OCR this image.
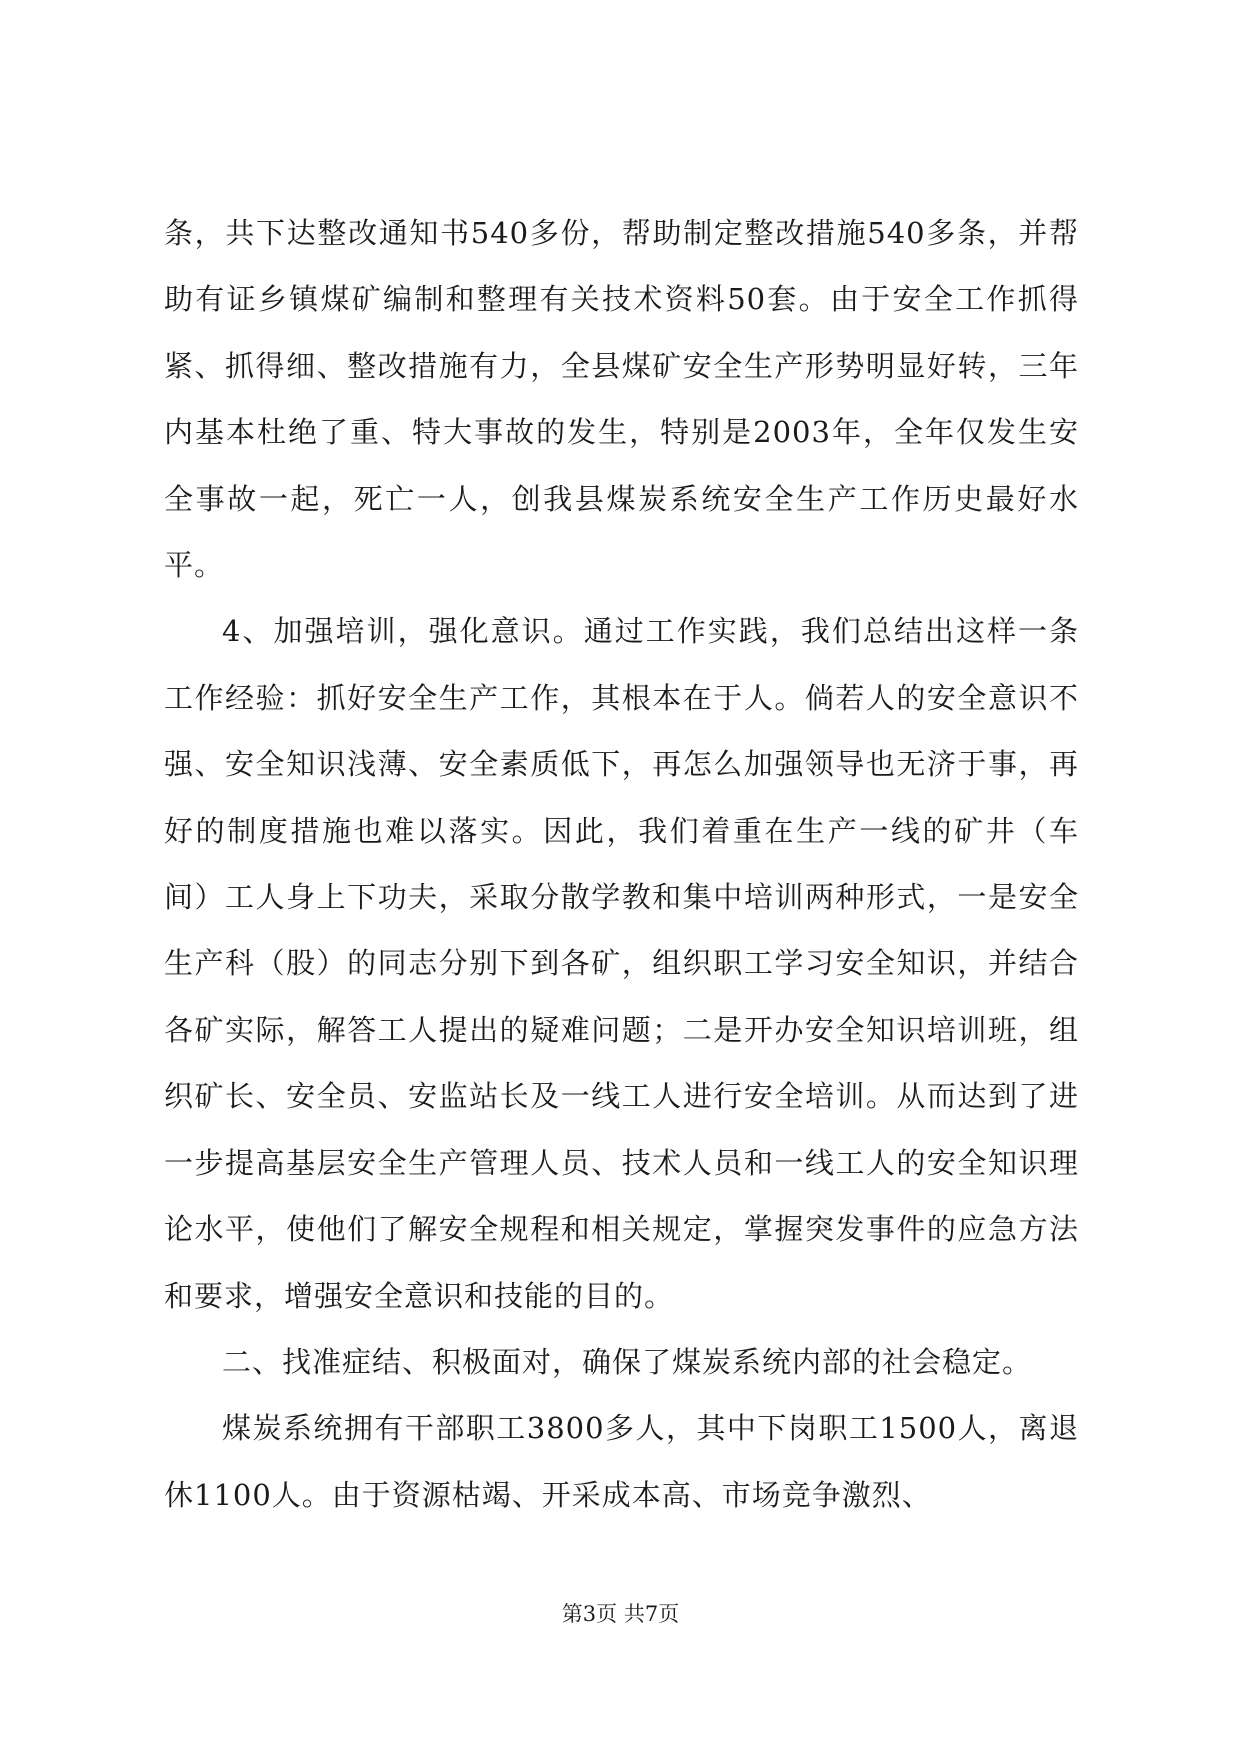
条，共下达整改通知书540多份，帮助制定整改措施540多条，并帮助有证乡镇煤矿编制和整理有关技术资料50套。由于安全工作抓得紧、抓得细、整改措施有力，全县煤矿安全生产形势明显好转，三年内基本杜绝了重、特大事故的发生，特别是2003年，全年仅发生安全事故一起，死亡一人，创我县煤炭系统安全生产工作历史最好水平。

4、加强培训，强化意识。通过工作实践，我们总结出这样一条工作经验：抓好安全生产工作，其根本在于人。倘若人的安全意识不强、安全知识浅薄、安全素质低下，再怎么加强领导也无济于事，再好的制度措施也难以落实。因此，我们着重在生产一线的矿井（车间）工人身上下功夫，采取分散学教和集中培训两种形式，一是安全生产科（股）的同志分别下到各矿，组织职工学习安全知识，并结合各矿实际，解答工人提出的疑难问题；二是开办安全知识培训班，组织矿长、安全员、安监站长及一线工人进行安全培训。从而达到了进一步提高基层安全生产管理人员、技术人员和一线工人的安全知识理论水平，使他们了解安全规程和相关规定，掌握突发事件的应急方法和要求，增强安全意识和技能的目的。

二、找准症结、积极面对，确保了煤炭系统内部的社会稳定。

煤炭系统拥有干部职工3800多人，其中下岗职工1500人，离退休1100人。由于资源枯竭、开采成本高、市场竞争激烈、

第3页 共7页
